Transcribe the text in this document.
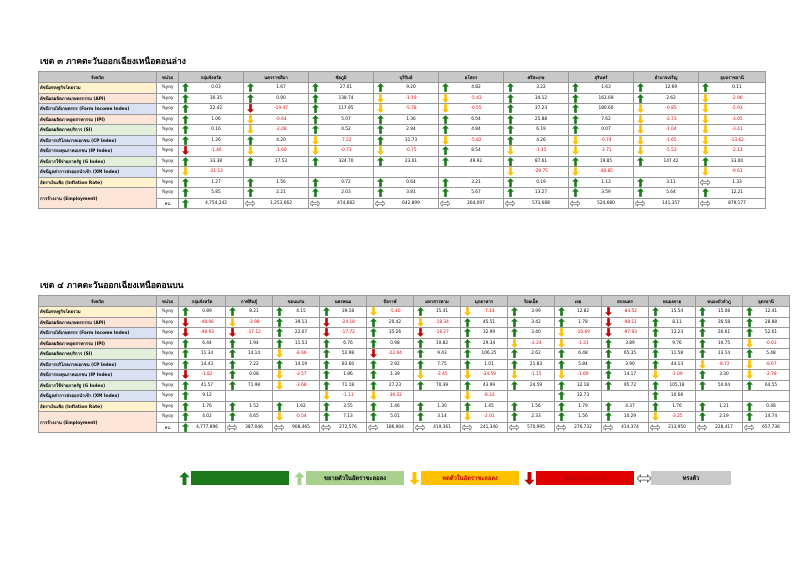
เขต ๓ ภาคตะวันออกเฉียงเหนือตอนล่าง
จังหวัด	หน่วย	กลุ่มจังหวัด	นครราชสีมา	ชัยภูมิ	บุรีรัมย์	ยโสธร	ศรีสะเกษ	สุรินทร์	อำนาจเจริญ	อุบลราชธานี
ดัชนีเศรษฐกิจโดยรวม	%yoy	0.03	1.67	27.01	9.20	4.82	3.22	1.63	12.69	0.11

ดัชนีผลผลิตภาคเกษตรกรรม (API)	%yoy	30.35	0.90	138.74	-1.19	-5.43	34.12	163.69	2.62	-2.96

ดัชนีรายได้เกษตรกร (Farm Income Index)	%yoy	22.42	-19.47	117.95	-5.78	-0.55	37.23	180.60	-0.85	-5.93

ดัชนีผลผลิตภาคอุตสาหกรรม (IPI)	%yoy	1.06	-0.64	5.07	1.36	6.04	25.88	7.62	-2.73	-3.05

ดัชนีผลผลิตภาคบริการ (SI)	%yoy	0.16	-2.08	0.52	2.94	4.84	6.19	0.07	-1.04	-3.41

ดัชนีการบริโภคภาคเอกชน (CP Index)	%yoy	1.26	4.20	-7.22	31.73	-5.82	4.26	-0.74	-1.65	-13.62

ดัชนีการลงทุนภาคเอกชน (IP Index)	%yoy	-1.46	-1.60	-0.73	-0.75	8.54	-1.15	-3.71	-5.53	-2.13

ดัชนีการใช้จ่ายภาครัฐ (G Index)	%yoy	33.38	17.53	324.70	23.01	49.92	87.61	19.85	147.42	33.00

ดัชนีมูลค่าการส่งออกนำเข้า (XM Index)	%yoy	-21.13					-29.75	-48.85		-9.61

อัตราเงินเฟ้อ (Inflation Rate)	%yoy	1.27	1.56	0.72	0.64	3.21	0.19	1.13	3.11	1.33

การจ้างงาน (Employment)	%yoy	5.85	2.21	2.03	3.81	5.67	13.27	3.59	5.64	12.21

	คน	4,754,242	1,253,662	474,682	642,899	264,097	573,688	524,680	141,357	879,177
เขต ๔ ภาคตะวันออกเฉียงเหนือตอนบน
จังหวัด	หน่วย	กลุ่มจังหวัด	กาฬสินธุ์	ขอนแก่น	นครพนม	บึงกาฬ	มหาสารคาม	มุกดาหาร	ร้อยเอ็ด	เลย	สกลนคร	หนองคาย	หนองบัวลำภู	อุดรธานี
ดัชนีเศรษฐกิจโดยรวม	%yoy	0.89	8.21	4.15	39.18	-5.40	15.41	-7.14	3.99	12.82	-84.52	15.54	15.08	12.41

ดัชนีผลผลิตภาคเกษตรกรรม (API)	%yoy	-48.06	-3.98	39.13	-24.18	20.42	-18.34	45.51	3.42	1.78	-98.11	8.11	36.58	28.88

ดัชนีรายได้เกษตรกร (Farm Income Index)	%yoy	-48.93	-17.12	22.07	-17.72	35.26	-18.27	32.99	3.40	-10.69	-97.93	13.23	26.61	52.61

ดัชนีผลผลิตภาคอุตสาหกรรม (IPI)	%yoy	6.44	1.94	11.53	6.76	0.98	10.82	29.34	-2.24	-1.31	3.89	9.76	10.75	-0.03

ดัชนีผลผลิตภาคบริการ (SI)	%yoy	11.34	14.14	-8.66	52.98	-22.64	9.43	106.25	2.62	6.48	65.35	11.58	13.14	5.48

ดัชนีการบริโภคภาคเอกชน (CP Index)	%yoy	14.43	7.22	14.19	83.60	2.92	7.75	1.01	21.83	5.84	3.90	44.13	-8.72	-8.67

ดัชนีการลงทุนภาคเอกชน (IP Index)	%yoy	-1.82	0.08	-3.57	1.86	1.39	-2.45	-34.59	-1.15	-1.69	14.17	-1.09	3.30	-2.78

ดัชนีการใช้จ่ายภาครัฐ (G Index)	%yoy	41.57	71.98	-3.68	71.18	27.23	70.39	43.99	24.59	32.18	95.72	105.18	54.04	64.55

ดัชนีมูลค่าการส่งออกนำเข้า (XM Index)	%yoy	9.12			-1.13	-36.32		-8.33		32.73		10.68		

อัตราเงินเฟ้อ (Inflation Rate)	%yoy	1.76	1.52	1.62	3.55	1.46	1.30	1.45	1.56	1.79	4.37	1.76	1.21	0.48

การจ้างงาน (Employment)	%yoy	4.02	4.65	-0.54	7.13	5.01	3.14	-2.01	2.33	1.56	10.29	-3.25	2.19	14.74

	คน	4,777,896	387,046	908,465	272,576	186,904	419,361	241,340	570,995	276,732	414,374	213,950	228,417	657,736
ขยายตัวในอัตราเร่ง	ขยายตัวในอัตราชะลอลง	หดตัวในอัตราชะลอลง	หดตัวในอัตราเร่ง	ทรงตัว
